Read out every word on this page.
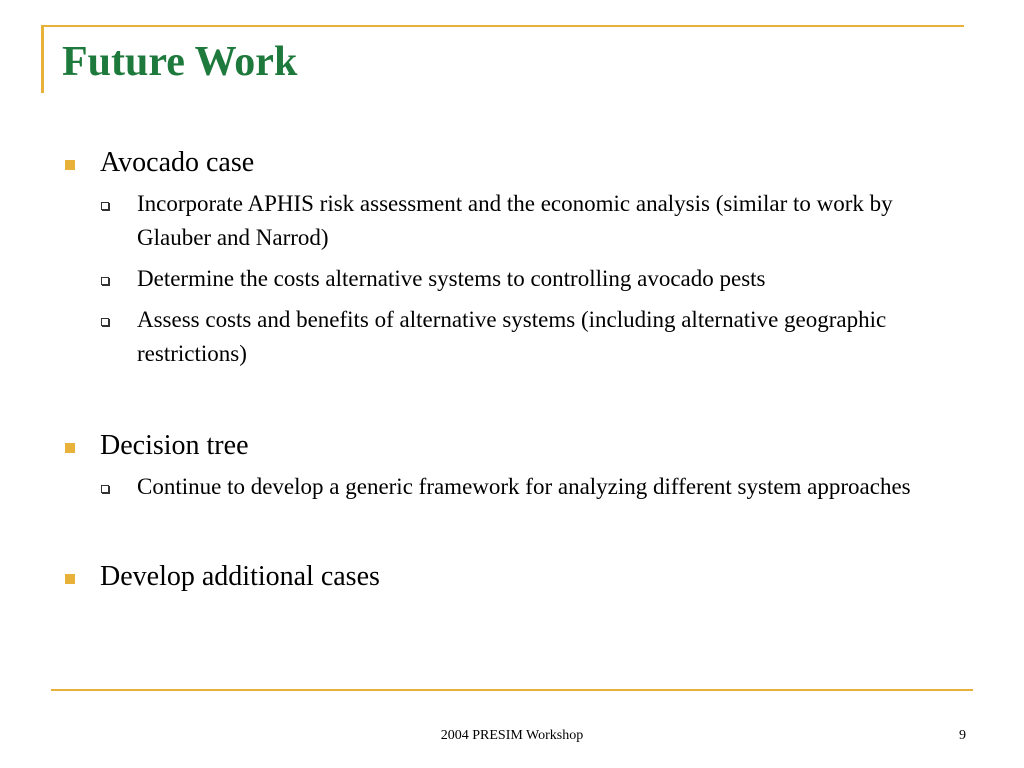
Future Work
Avocado case
Incorporate APHIS risk assessment and the economic analysis (similar to work by Glauber and Narrod)
Determine the costs alternative systems to controlling avocado pests
Assess costs and benefits of alternative systems (including alternative geographic restrictions)
Decision tree
Continue to develop a generic framework for analyzing different system approaches
Develop additional cases
2004 PRESIM Workshop	9
